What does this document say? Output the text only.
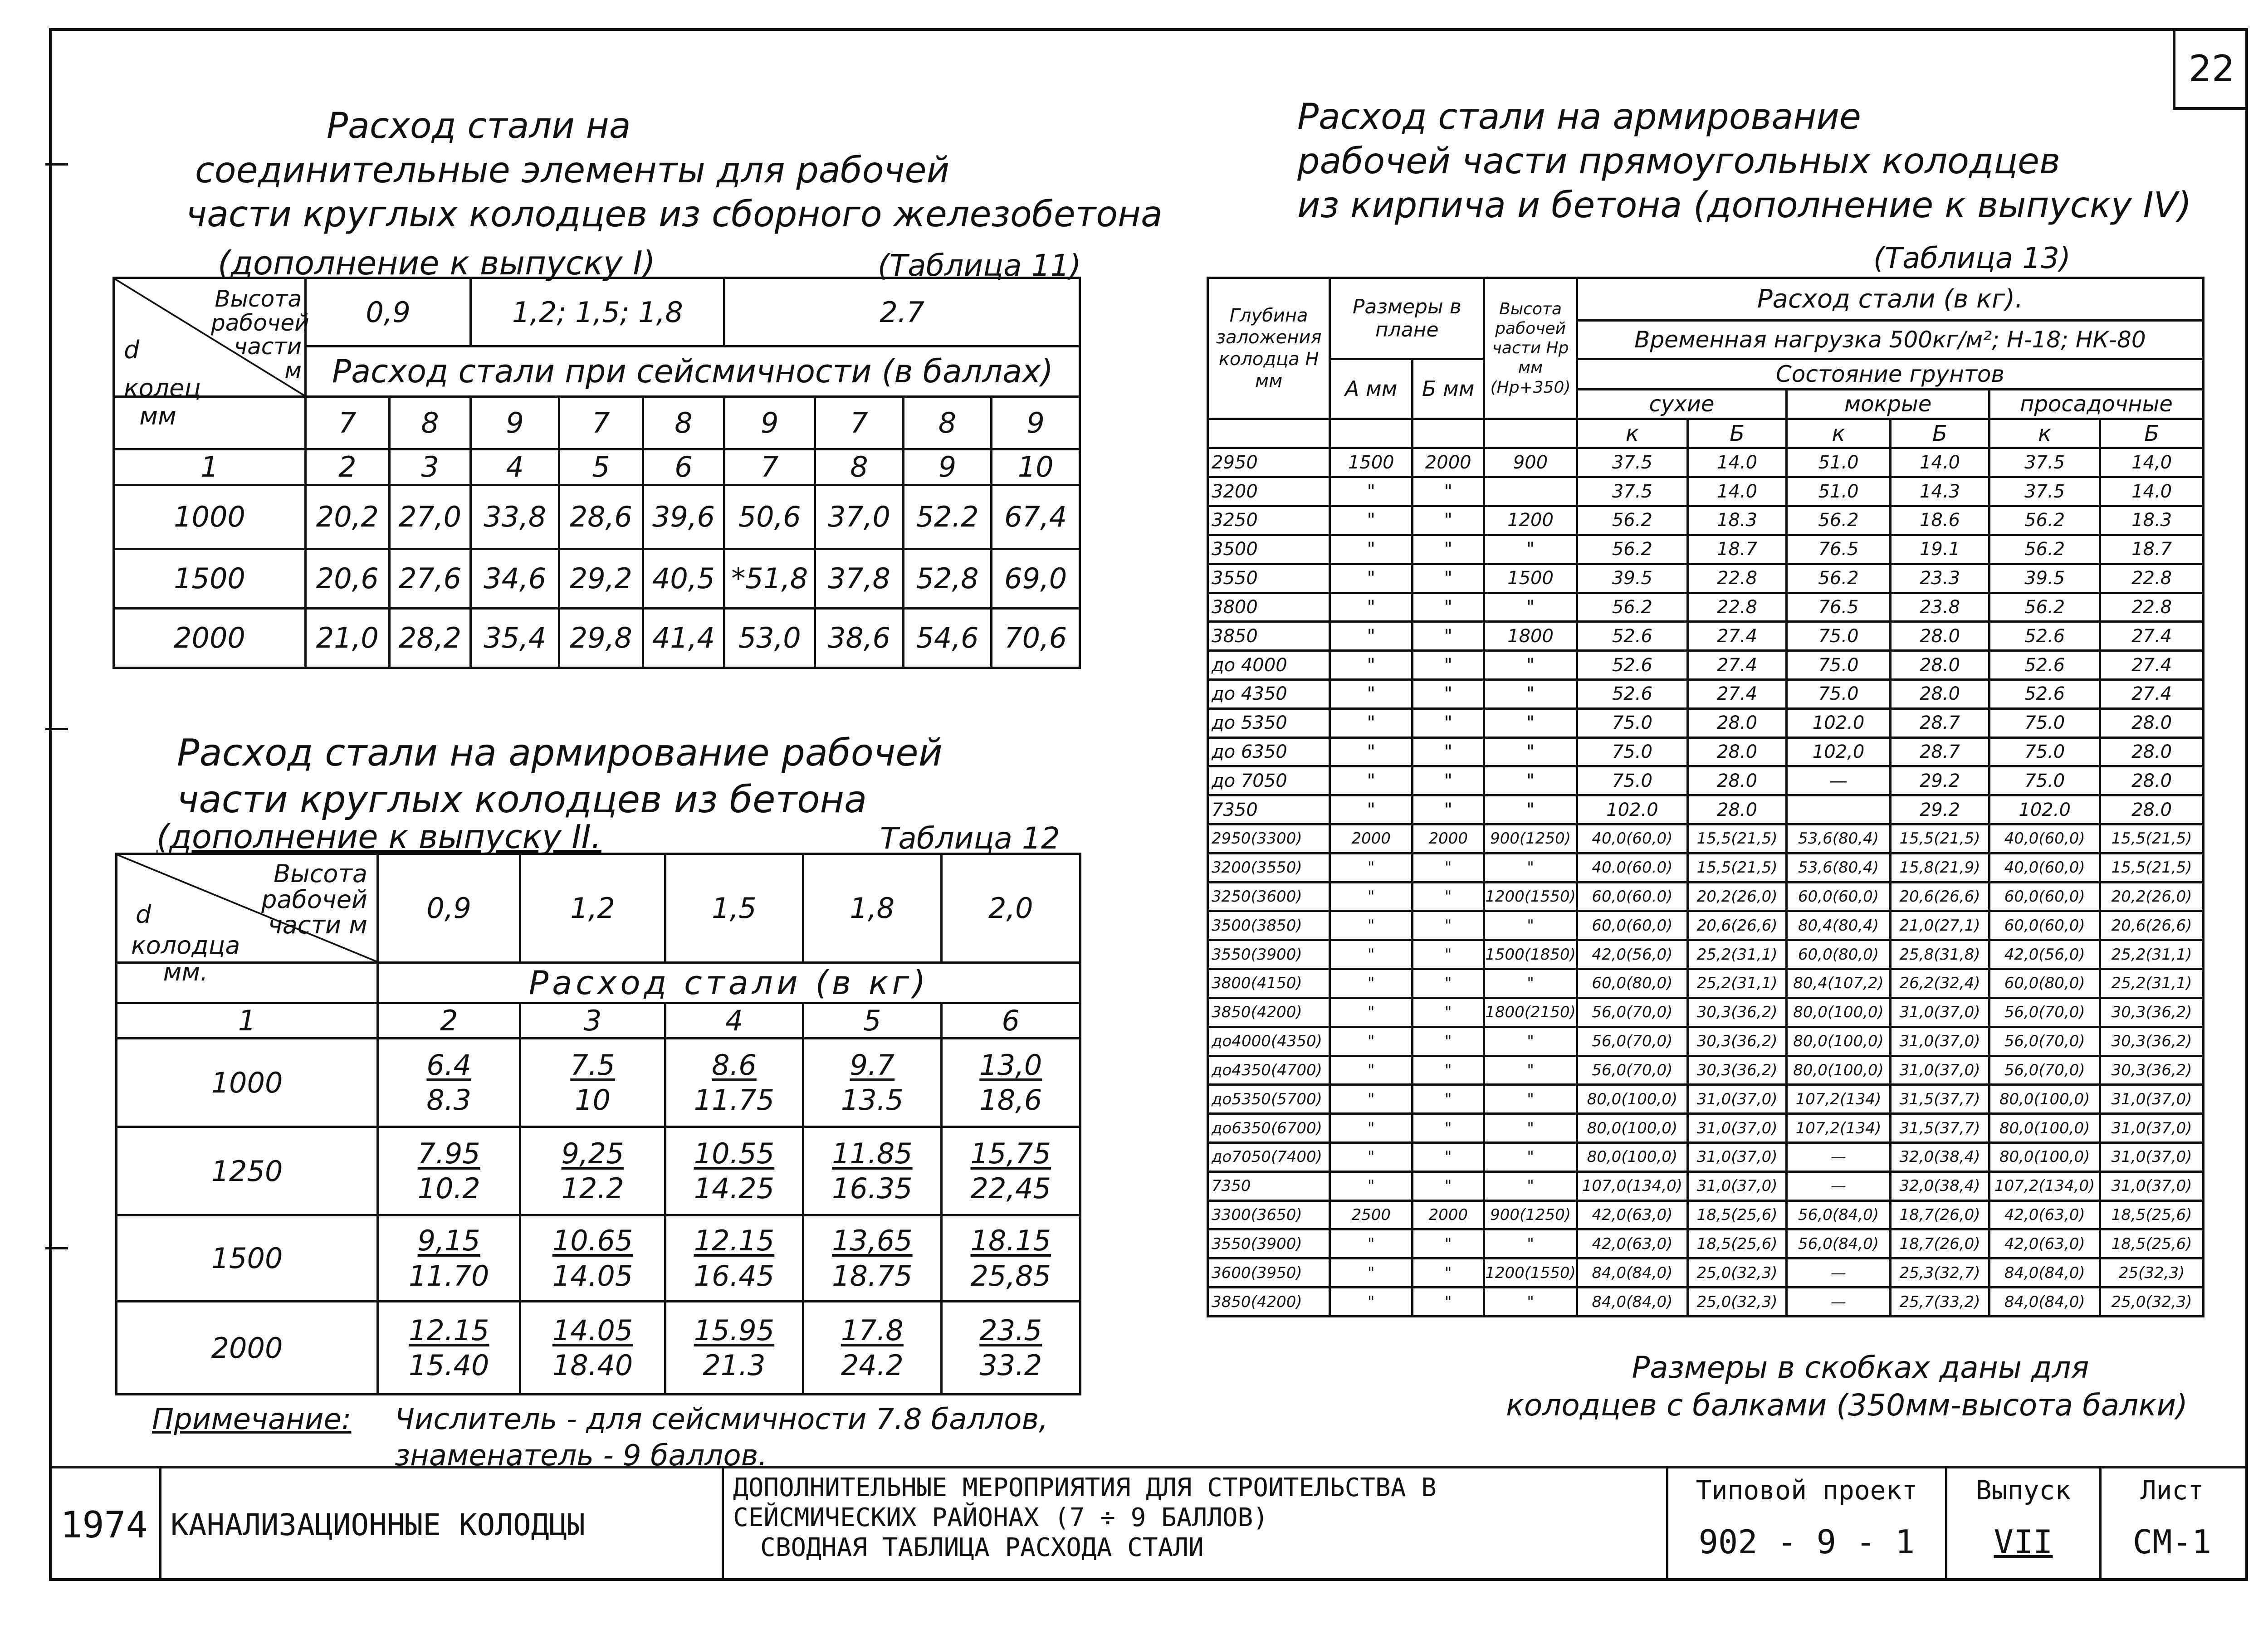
22
Расход стали на
соединительные элементы для рабочей
части круглых колодцев из сборного железобетона
(дополнение к выпуску I)	(Таблица 11)
Высота рабочей части м
d
колец мм	0,9		1,2; 1,5; 1,8			2.7			
	Расход стали при сейсмичности (в баллах)								
	7	8	9	7	8	9	7	8	9
1	2	3	4	5	6	7	8	9	10
1000	20,2	27,0	33,8	28,6	39,6	50,6	37,0	52.2	67,4
1500	20,6	27,6	34,6	29,2	40,5	*51,8	37,8	52,8	69,0
2000	21,0	28,2	35,4	29,8	41,4	53,0	38,6	54,6	70,6
Расход стали на армирование рабочей
части круглых колодцев из бетона
(дополнение к выпуску II.	Таблица 12
Высота рабочей части м
d
колодца мм.	0,9	1,2	1,5	1,8	2,0
	Расход стали (в кг)				
1	2	3	4	5	6
1000	$\frac{6.4}{8.3}$	$\frac{7.5}{10}$	$\frac{8.6}{11.75}$	$\frac{9.7}{13.5}$	$\frac{13,0}{18,6}$
1250	$\frac{7.95}{10.2}$	$\frac{9,25}{12.2}$	$\frac{10.55}{14.25}$	$\frac{11.85}{16.35}$	$\frac{15,75}{22,45}$
1500	$\frac{9,15}{11.70}$	$\frac{10.65}{14.05}$	$\frac{12.15}{16.45}$	$\frac{13,65}{18.75}$	$\frac{18.15}{25,85}$
2000	$\frac{12.15}{15.40}$	$\frac{14.05}{18.40}$	$\frac{15.95}{21.3}$	$\frac{17.8}{24.2}$	$\frac{23.5}{33.2}$
Примечание: Числитель - для сейсмичности 7.8 баллов,
знаменатель - 9 баллов.
Расход стали на армирование
рабочей части прямоугольных колодцев
из кирпича и бетона (дополнение к выпуску IV)
(Таблица 13)
Глубина заложения колодца Н мм	Размеры в плане		Высота рабочей части Нр мм (Нр+350)	Расход стали (в кг).					
				Временная нагрузка 500кг/м²; Н-18; НК-80					
	А мм	Б мм		Состояние грунтов					
				сухие		мокрые		просадочные	
				к	Б	к	Б	к	Б
2950	1500	2000	900	37.5	14.0	51.0	14.0	37.5	14,0
3200	"	"		37.5	14.0	51.0	14.3	37.5	14.0
3250	"	"	1200	56.2	18.3	56.2	18.6	56.2	18.3
3500	"	"	"	56.2	18.7	76.5	19.1	56.2	18.7
3550	"	"	1500	39.5	22.8	56.2	23.3	39.5	22.8
3800	"	"	"	56.2	22.8	76.5	23.8	56.2	22.8
3850	"	"	1800	52.6	27.4	75.0	28.0	52.6	27.4
до 4000	"	"	"	52.6	27.4	75.0	28.0	52.6	27.4
до 4350	"	"	"	52.6	27.4	75.0	28.0	52.6	27.4
до 5350	"	"	"	75.0	28.0	102.0	28.7	75.0	28.0
до 6350	"	"	"	75.0	28.0	102,0	28.7	75.0	28.0
до 7050	"	"	"	75.0	28.0	—	29.2	75.0	28.0
7350	"	"	"	102.0	28.0		29.2	102.0	28.0
2950(3300)	2000	2000	900(1250)	40,0(60,0)	15,5(21,5)	53,6(80,4)	15,5(21,5)	40,0(60,0)	15,5(21,5)
3200(3550)	"	"	"	40.0(60.0)	15,5(21,5)	53,6(80,4)	15,8(21,9)	40,0(60,0)	15,5(21,5)
3250(3600)	"	"	1200(1550)	60,0(60.0)	20,2(26,0)	60,0(60,0)	20,6(26,6)	60,0(60,0)	20,2(26,0)
3500(3850)	"	"	"	60,0(60,0)	20,6(26,6)	80,4(80,4)	21,0(27,1)	60,0(60,0)	20,6(26,6)
3550(3900)	"	"	1500(1850)	42,0(56,0)	25,2(31,1)	60,0(80,0)	25,8(31,8)	42,0(56,0)	25,2(31,1)
3800(4150)	"	"	"	60,0(80,0)	25,2(31,1)	80,4(107,2)	26,2(32,4)	60,0(80,0)	25,2(31,1)
3850(4200)	"	"	1800(2150)	56,0(70,0)	30,3(36,2)	80,0(100,0)	31,0(37,0)	56,0(70,0)	30,3(36,2)
до4000(4350)	"	"	"	56,0(70,0)	30,3(36,2)	80,0(100,0)	31,0(37,0)	56,0(70,0)	30,3(36,2)
до4350(4700)	"	"	"	56,0(70,0)	30,3(36,2)	80,0(100,0)	31,0(37,0)	56,0(70,0)	30,3(36,2)
до5350(5700)	"	"	"	80,0(100,0)	31,0(37,0)	107,2(134)	31,5(37,7)	80,0(100,0)	31,0(37,0)
до6350(6700)	"	"	"	80,0(100,0)	31,0(37,0)	107,2(134)	31,5(37,7)	80,0(100,0)	31,0(37,0)
до7050(7400)	"	"	"	80,0(100,0)	31,0(37,0)	—	32,0(38,4)	80,0(100,0)	31,0(37,0)
7350	"	"	"	107,0(134,0)	31,0(37,0)	—	32,0(38,4)	107,2(134,0)	31,0(37,0)
3300(3650)	2500	2000	900(1250)	42,0(63,0)	18,5(25,6)	56,0(84,0)	18,7(26,0)	42,0(63,0)	18,5(25,6)
3550(3900)	"	"	"	42,0(63,0)	18,5(25,6)	56,0(84,0)	18,7(26,0)	42,0(63,0)	18,5(25,6)
3600(3950)	"	"	1200(1550)	84,0(84,0)	25,0(32,3)	—	25,3(32,7)	84,0(84,0)	25(32,3)
3850(4200)	"	"	"	84,0(84,0)	25,0(32,3)	—	25,7(33,2)	84,0(84,0)	25,0(32,3)
Размеры в скобках даны для
колодцев с балками (350мм-высота балки)
1974 КАНАЛИЗАЦИОННЫЕ КОЛОДЦЫ
ДОПОЛНИТЕЛЬНЫЕ МЕРОПРИЯТИЯ ДЛЯ СТРОИТЕЛЬСТВА В
СЕЙСМИЧЕСКИХ РАЙОНАХ (7 ÷ 9 БАЛЛОВ)
СВОДНАЯ ТАБЛИЦА РАСХОДА СТАЛИ
Типовой проект
902 - 9 - 1
Выпуск
VII
Лист
СМ-1
